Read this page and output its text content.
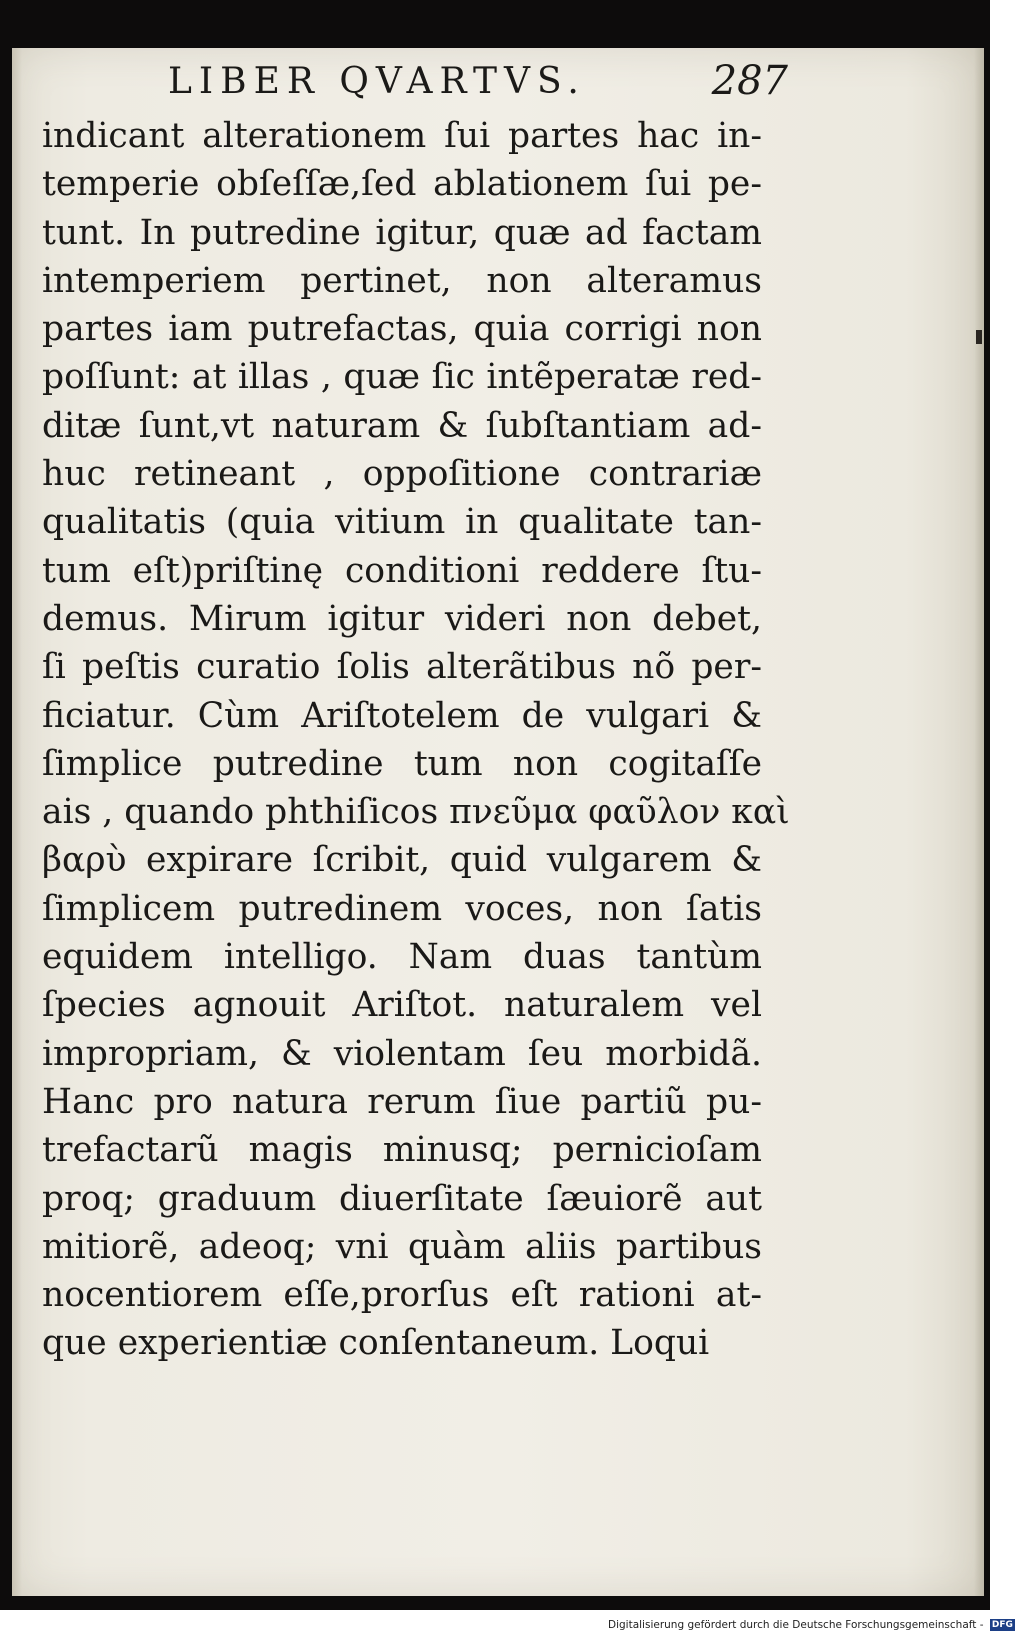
LIBER QVARTVS.	287
indicant alterationem ſui partes hac in-
temperie obſeſſæ,ſed ablationem ſui pe-
tunt. In putredine igitur, quæ ad factam
intemperiem pertinet, non alteramus
partes iam putrefactas, quia corrigi non
poſſunt: at illas , quæ ſic intẽperatæ red-
ditæ ſunt,vt naturam & ſubſtantiam ad-
huc retineant , oppoſitione contrariæ
qualitatis (quia vitium in qualitate tan-
tum eſt)priſtinę conditioni reddere ſtu-
demus. Mirum igitur videri non debet,
ſi peſtis curatio ſolis alterãtibus nõ per-
ficiatur. Cùm Ariſtotelem de vulgari &
ſimplice putredine tum non cogitaſſe
ais , quando phthiſicos πνεῦμα φαῦλον καὶ
βαρὺ expirare ſcribit, quid vulgarem &
ſimplicem putredinem voces, non ſatis
equidem intelligo. Nam duas tantùm
ſpecies agnouit Ariſtot. naturalem vel
impropriam, & violentam ſeu morbidã.
Hanc pro natura rerum ſiue partiũ pu-
trefactarũ magis minusq; pernicioſam
proq; graduum diuerſitate ſæuiorẽ aut
mitiorẽ, adeoq; vni quàm aliis partibus
nocentiorem eſſe,prorſus eſt rationi at-
que experientiæ conſentaneum. Loqui
Digitalisierung gefördert durch die Deutsche Forschungsgemeinschaft - DFG
